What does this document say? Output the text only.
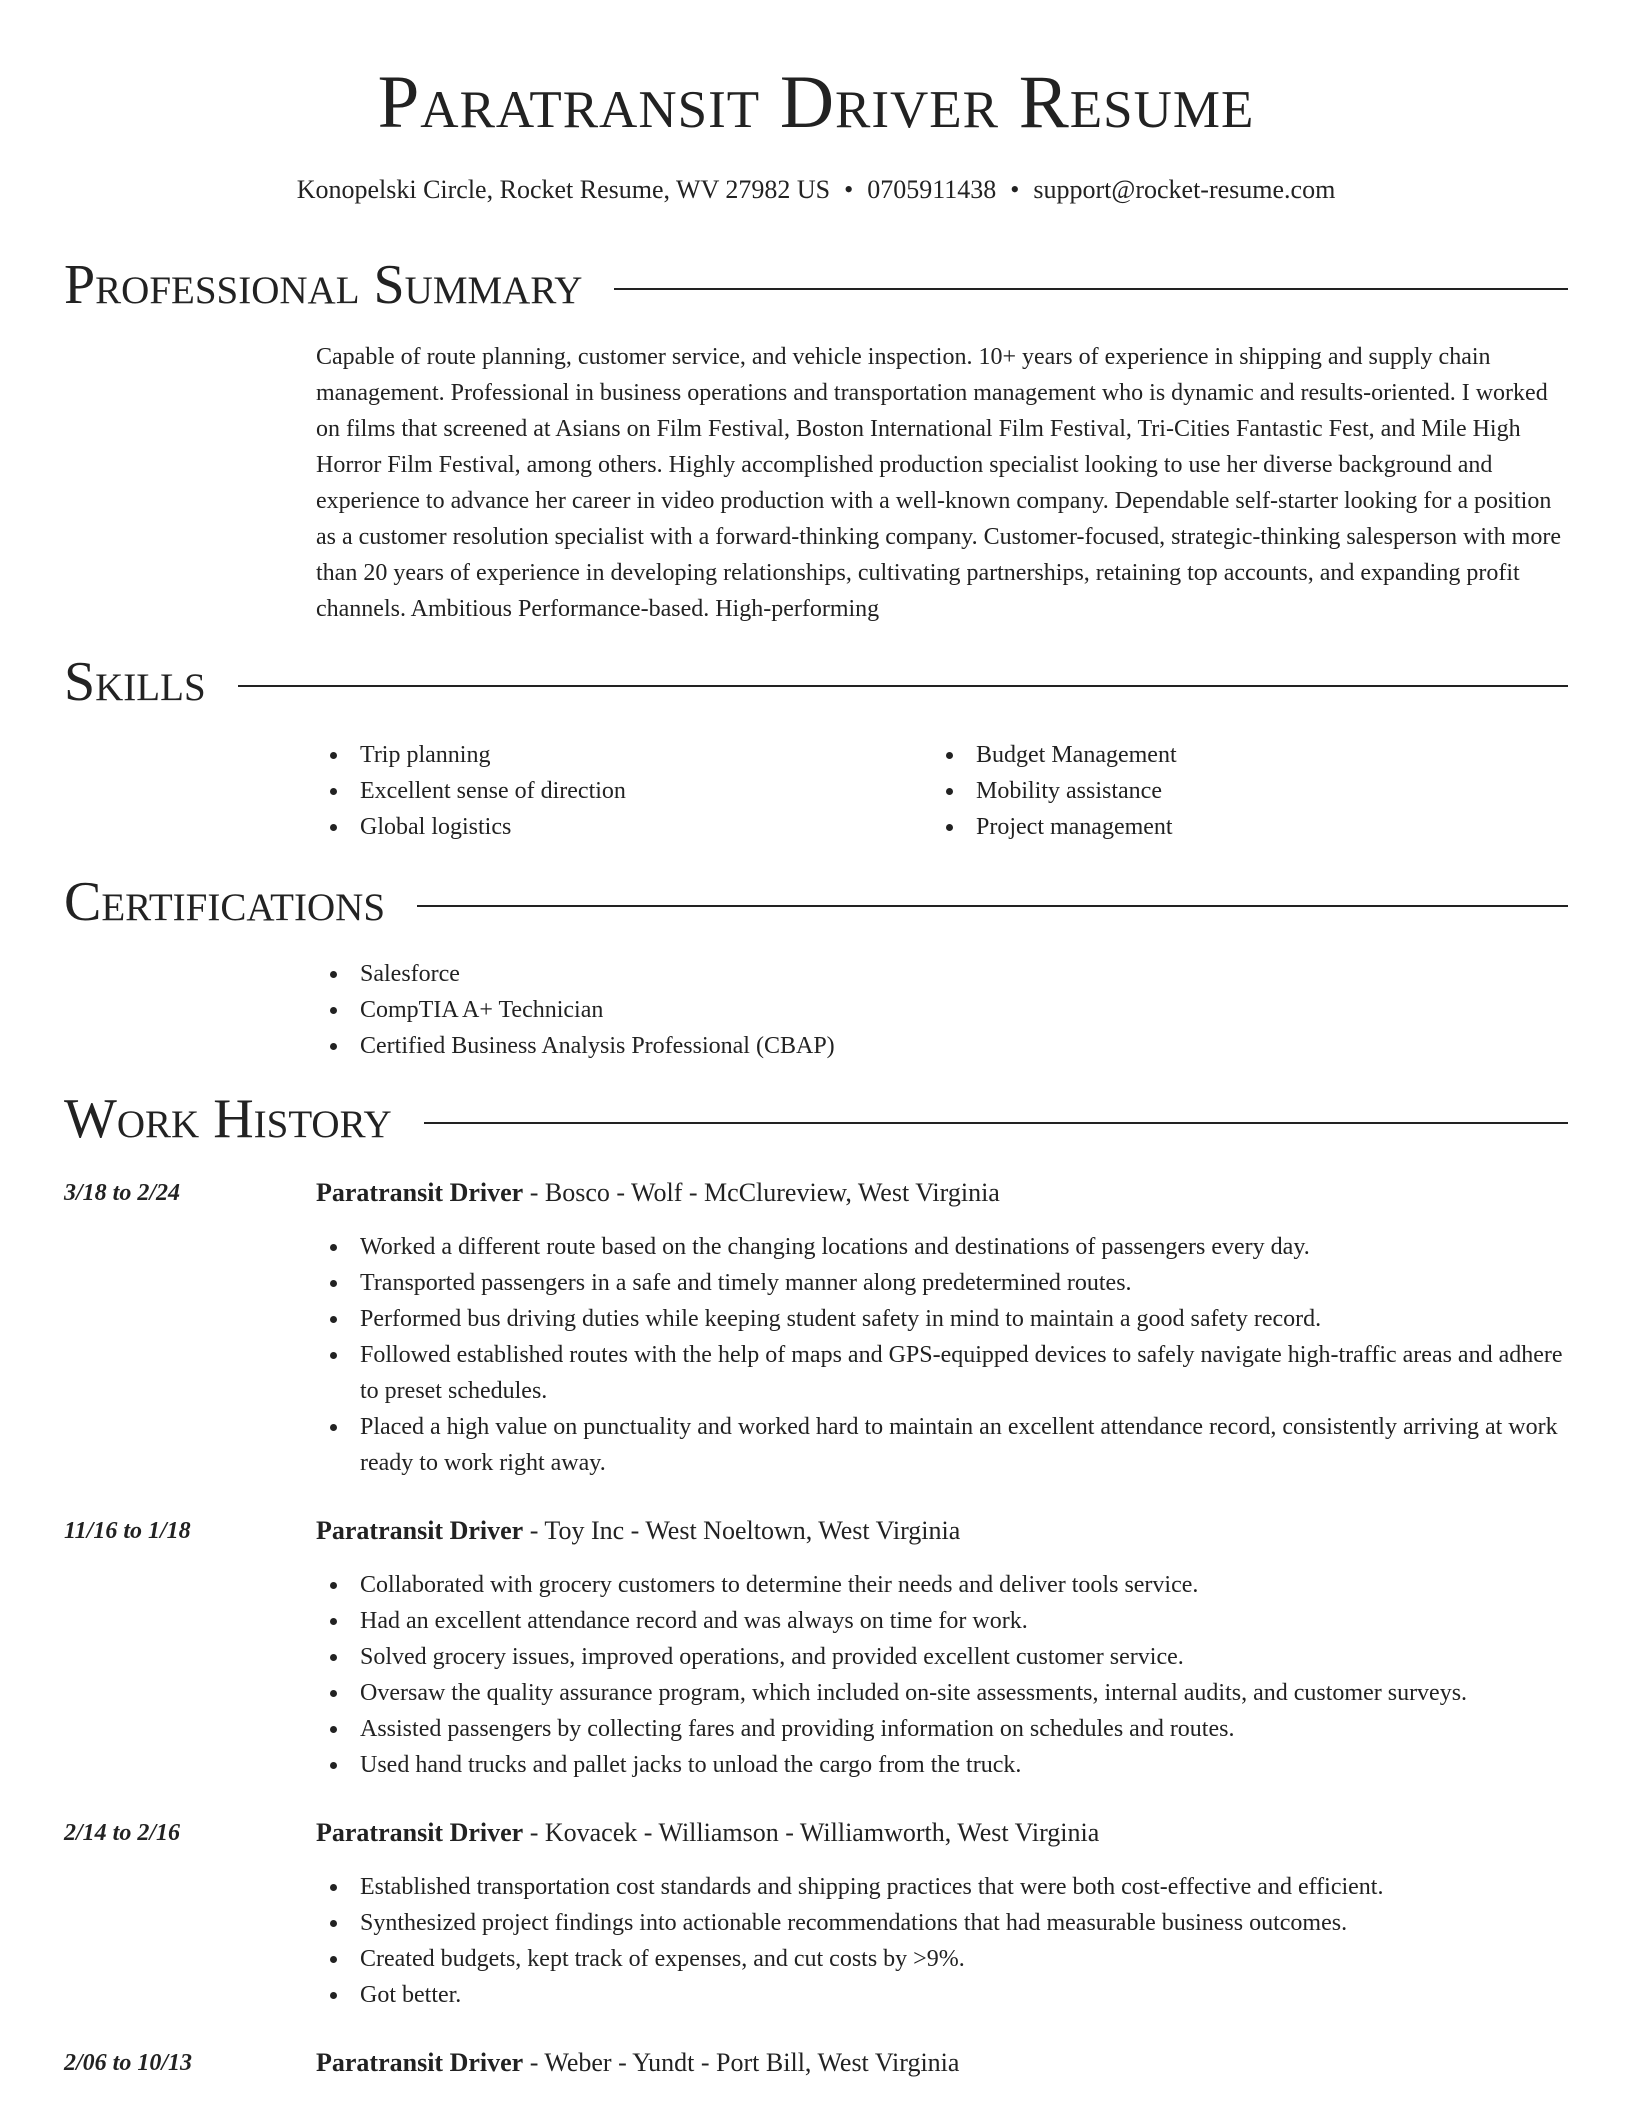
Paratransit Driver Resume
Konopelski Circle, Rocket Resume, WV 27982 US • 0705911438 • support@rocket-resume.com
Professional Summary

Capable of route planning, customer service, and vehicle inspection. 10+ years of experience in shipping and supply chain management. Professional in business operations and transportation management who is dynamic and results-oriented. I worked on films that screened at Asians on Film Festival, Boston International Film Festival, Tri-Cities Fantastic Fest, and Mile High Horror Film Festival, among others. Highly accomplished production specialist looking to use her diverse background and experience to advance her career in video production with a well-known company. Dependable self-starter looking for a position as a customer resolution specialist with a forward-thinking company. Customer-focused, strategic-thinking salesperson with more than 20 years of experience in developing relationships, cultivating partnerships, retaining top accounts, and expanding profit channels. Ambitious Performance-based. High-performing

Skills
Trip planning
Excellent sense of direction
Global logistics
Budget Management
Mobility assistance
Project management
Certifications
Salesforce
CompTIA A+ Technician
Certified Business Analysis Professional (CBAP)
Work History
3/18 to 2/24	Paratransit Driver - Bosco - Wolf - McClureview, West Virginia
Worked a different route based on the changing locations and destinations of passengers every day.
Transported passengers in a safe and timely manner along predetermined routes.
Performed bus driving duties while keeping student safety in mind to maintain a good safety record.
Followed established routes with the help of maps and GPS-equipped devices to safely navigate high-traffic areas and adhere to preset schedules.
Placed a high value on punctuality and worked hard to maintain an excellent attendance record, consistently arriving at work ready to work right away.
11/16 to 1/18	Paratransit Driver - Toy Inc - West Noeltown, West Virginia
Collaborated with grocery customers to determine their needs and deliver tools service.
Had an excellent attendance record and was always on time for work.
Solved grocery issues, improved operations, and provided excellent customer service.
Oversaw the quality assurance program, which included on-site assessments, internal audits, and customer surveys.
Assisted passengers by collecting fares and providing information on schedules and routes.
Used hand trucks and pallet jacks to unload the cargo from the truck.
2/14 to 2/16	Paratransit Driver - Kovacek - Williamson - Williamworth, West Virginia
Established transportation cost standards and shipping practices that were both cost-effective and efficient.
Synthesized project findings into actionable recommendations that had measurable business outcomes.
Created budgets, kept track of expenses, and cut costs by >9%.
Got better.
2/06 to 10/13	Paratransit Driver - Weber - Yundt - Port Bill, West Virginia
